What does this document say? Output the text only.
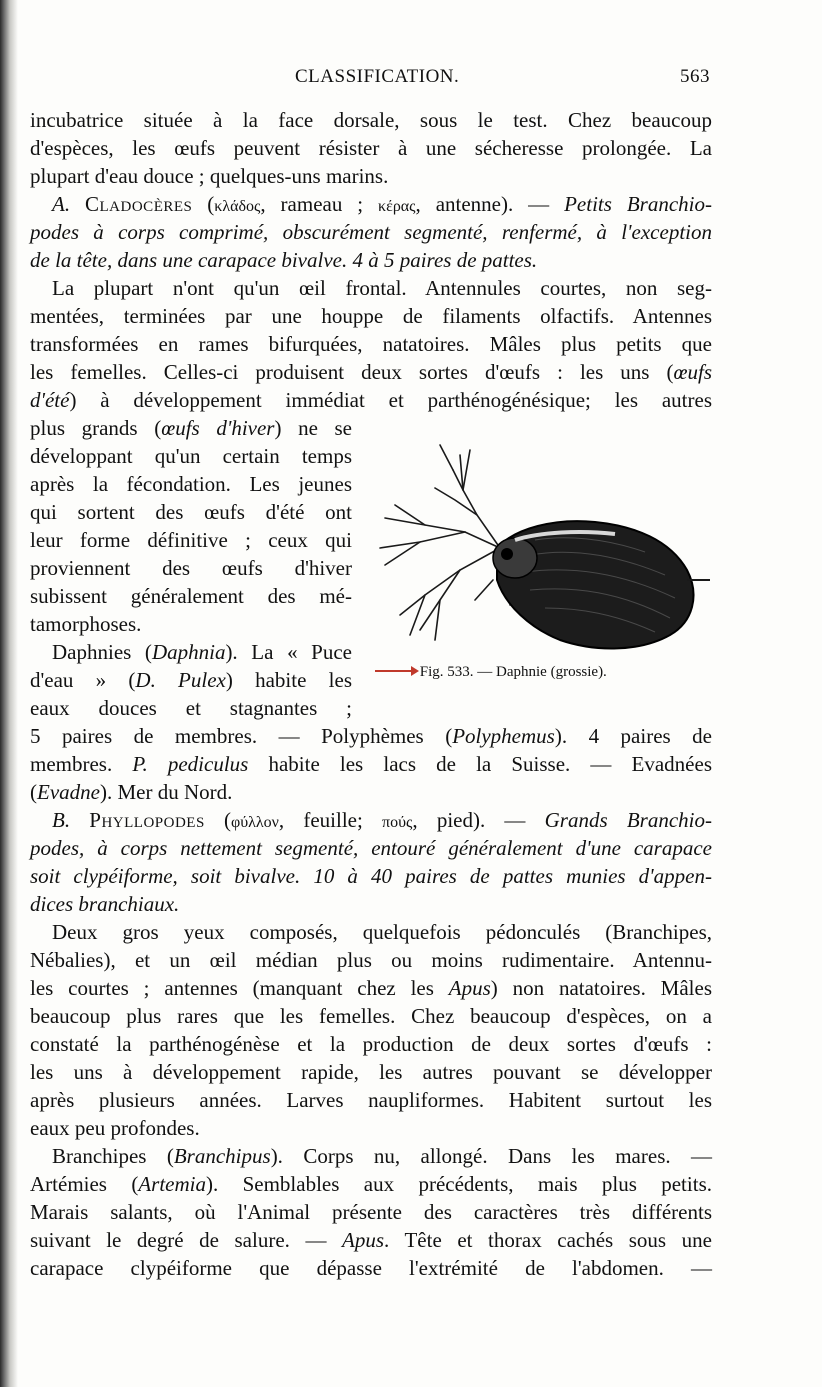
CLASSIFICATION.	563
incubatrice située à la face dorsale, sous le test. Chez beaucoup
d'espèces, les œufs peuvent résister à une sécheresse prolongée. La
plupart d'eau douce ; quelques-uns marins.
A. Cladocères (κλάδος, rameau ; κέρας, antenne). — Petits Branchio-
podes à corps comprimé, obscurément segmenté, renfermé, à l'exception
de la tête, dans une carapace bivalve. 4 à 5 paires de pattes.
La plupart n'ont qu'un œil frontal. Antennules courtes, non seg-
mentées, terminées par une houppe de filaments olfactifs. Antennes
transformées en rames bifurquées, natatoires. Mâles plus petits que
les femelles. Celles-ci produisent deux sortes d'œufs : les uns (œufs
d'été) à développement immédiat et parthénogénésique; les autres
plus grands (œufs d'hiver) ne se
développant qu'un certain temps
après la fécondation. Les jeunes
qui sortent des œufs d'été ont
leur forme définitive ; ceux qui
proviennent des œufs d'hiver
subissent généralement des mé-
tamorphoses.
Daphnies (Daphnia). La « Puce
d'eau » (D. Pulex) habite les
eaux douces et stagnantes ;
5 paires de membres. — Polyphèmes (Polyphemus). 4 paires de
membres. P. pediculus habite les lacs de la Suisse. — Evadnées
(Evadne). Mer du Nord.
B. Phyllopodes (φύλλον, feuille; πούς, pied). — Grands Branchio-
podes, à corps nettement segmenté, entouré généralement d'une carapace
soit clypéiforme, soit bivalve. 10 à 40 paires de pattes munies d'appen-
dices branchiaux.
Deux gros yeux composés, quelquefois pédonculés (Branchipes,
Nébalies), et un œil médian plus ou moins rudimentaire. Antennu-
les courtes ; antennes (manquant chez les Apus) non natatoires. Mâles
beaucoup plus rares que les femelles. Chez beaucoup d'espèces, on a
constaté la parthénogénèse et la production de deux sortes d'œufs :
les uns à développement rapide, les autres pouvant se développer
après plusieurs années. Larves naupliformes. Habitent surtout les
eaux peu profondes.
Branchipes (Branchipus). Corps nu, allongé. Dans les mares. —
Artémies (Artemia). Semblables aux précédents, mais plus petits.
Marais salants, où l'Animal présente des caractères très différents
suivant le degré de salure. — Apus. Tête et thorax cachés sous une
carapace clypéiforme que dépasse l'extrémité de l'abdomen. —
Fig. 533. — Daphnie (grossie).
